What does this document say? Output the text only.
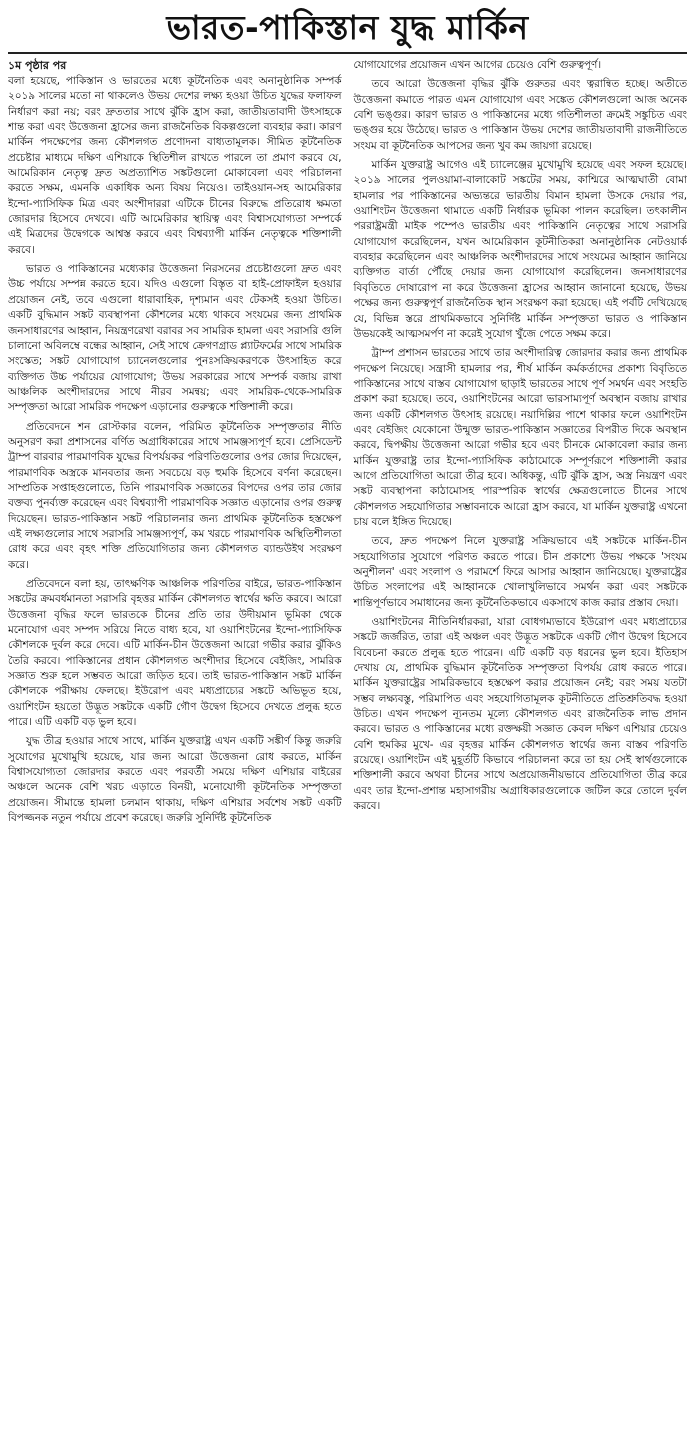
ভারত-পাকিস্তান যুদ্ধ মার্কিন
১ম পৃষ্ঠার পর

বলা হয়েছে, পাকিস্তান ও ভারতের মধ্যে কূটনৈতিক এবং অনানুষ্ঠানিক সম্পর্ক ২০১৯ সালের মতো না থাকলেও উভয় দেশের লক্ষ্য হওয়া উচিত যুদ্ধের ফলাফল নির্ধারণ করা নয়; বরং দ্রুততার সাথে ঝুঁকি হ্রাস করা, জাতীয়তাবাদী উৎসাহকে শান্ত করা এবং উত্তেজনা হ্রাসের জন্য রাজনৈতিক বিকল্পগুলো ব্যবহার করা। কারণ মার্কিন পদক্ষেপের জন্য কৌশলগত প্রণোদনা বাধ্যতামূলক। সীমিত কূটনৈতিক প্রচেষ্টার মাধ্যমে দক্ষিণ এশিয়াকে স্থিতিশীল রাখতে পারলে তা প্রমাণ করবে যে, আমেরিকান নেতৃত্ব দ্রুত অপ্রত্যাশিত সঙ্কটগুলো মোকাবেলা এবং পরিচালনা করতে সক্ষম, এমনকি একাধিক অন্য বিষয় নিয়েও। তাইওয়ান-সহ আমেরিকার ইন্দো-প্যাসিফিক মিত্র এবং অংশীদাররা এটিকে চীনের বিরুদ্ধে প্রতিরোধ ক্ষমতা জোরদার হিসেবে দেখবে। এটি আমেরিকার স্থায়িত্ব এবং বিশ্বাসযোগ্যতা সম্পর্কে এই মিত্রদের উদ্বেগকে আশ্বস্ত করবে এবং বিশ্বব্যাপী মার্কিন নেতৃত্বকে শক্তিশালী করবে।

ভারত ও পাকিস্তানের মধ্যেকার উত্তেজনা নিরসনের প্রচেষ্টাগুলো দ্রুত এবং উচ্চ পর্যায়ে সম্পন্ন করতে হবে। যদিও এগুলো বিস্তৃত বা হাই-প্রোফাইল হওয়ার প্রয়োজন নেই, তবে এগুলো ধারাবাহিক, দৃশ্যমান এবং টেকসই হওয়া উচিত। একটি বুদ্ধিমান সঙ্কট ব্যবস্থাপনা কৌশলের মধ্যে থাকবে সংযমের জন্য প্রাথমিক জনসাধারণের আহ্বান, নিয়ন্ত্রণরেখা বরাবর সব সামরিক হামলা এবং সরাসরি গুলি চালানো অবিলম্বে বন্ধের আহ্বান, সেই সাথে ক্রেগণগ্রাড প্ল্যাটফর্মের সাথে সামরিক সংস্কেত; সঙ্কট যোগাযোগ চ্যানেলগুলোর পুনঃসক্রিয়করণকে উৎসাহিত করে ব্যক্তিগত উচ্চ পর্যায়ের যোগাযোগ; উভয় সরকারের সাথে সম্পর্ক বজায় রাখা আঞ্চলিক অংশীদারদের সাথে নীরব সমন্বয়; এবং সামরিক-থেকে-সামরিক সম্পৃক্ততা আরো সামরিক পদক্ষেপ এড়ানোর গুরুত্বকে শক্তিশালী করে।

প্রতিবেদনে শন রোস্টকার বলেন, পরিমিত কূটনৈতিক সম্পৃক্ততার নীতি অনুসরণ করা প্রশাসনের বর্ণিত অগ্রাধিকারের সাথে সামঞ্জস্যপূর্ণ হবে। প্রেসিডেন্ট ট্রাম্প বারবার পারমাণবিক যুদ্ধের বিপর্যয়কর পরিণতিগুলোর ওপর জোর দিয়েছেন, পারমাণবিক অস্ত্রকে মানবতার জন্য সবচেয়ে বড় হুমকি হিসেবে বর্ণনা করেছেন। সাম্প্রতিক সপ্তাহগুলোতে, তিনি পারমাণবিক সজ্ঞাতের বিপদের ওপর তার জোর বক্তব্য পুনর্ব্যক্ত করেছেন এবং বিশ্বব্যাপী পারমাণবিক সজ্ঞাত এড়ানোর ওপর গুরুত্ব দিয়েছেন। ভারত-পাকিস্তান সঙ্কট পরিচালনার জন্য প্রাথমিক কূটনৈতিক হস্তক্ষেপ এই লক্ষ্যগুলোর সাথে সরাসরি সামঞ্জস্যপূর্ণ, কম খরচে পারমাণবিক অস্থিতিশীলতা রোধ করে এবং বৃহৎ শক্তি প্রতিযোগিতার জন্য কৌশলগত ব্যান্ডউইথ সংরক্ষণ করে।

প্রতিবেদনে বলা হয়, তাৎক্ষণিক আঞ্চলিক পরিণতির বাইরে, ভারত-পাকিস্তান সঙ্কটের ক্রমবর্ধমানতা সরাসরি বৃহত্তর মার্কিন কৌশলগত স্বার্থের ক্ষতি করবে। আরো উত্তেজনা বৃদ্ধির ফলে ভারতকে চীনের প্রতি তার উদীয়মান ভূমিকা থেকে মনোযোগ এবং সম্পদ সরিয়ে নিতে বাধ্য হবে, যা ওয়াশিংটনের ইন্দো-প্যাসিফিক কৌশলকে দুর্বল করে দেবে। এটি মার্কিন-চীন উত্তেজনা আরো গভীর করার ঝুঁকিও তৈরি করবে। পাকিস্তানের প্রধান কৌশলগত অংশীদার হিসেবে বেইজিং, সামরিক সজ্ঞাত শুরু হলে সম্ভবত আরো জড়িত হবে। তাই ভারত-পাকিস্তান সঙ্কট মার্কিন কৌশলকে পরীক্ষায় ফেলছে। ইউরোপ এবং মধ্যপ্রাচ্যের সঙ্কটে অভিভূত হয়ে, ওয়াশিংটন হয়তো উদ্ভূত সঙ্কটকে একটি গৌণ উদ্বেগ হিসেবে দেখতে প্রলুব্ধ হতে পারে। এটি একটি বড় ভুল হবে।

যুদ্ধ তীব্র হওয়ার সাথে সাথে, মার্কিন যুক্তরাষ্ট্র এখন একটি সঙ্কীর্ণ কিন্তু জরুরি সুযোগের মুখোমুখি হয়েছে, যার জন্য আরো উত্তেজনা রোধ করতে, মার্কিন বিশ্বাসযোগ্যতা জোরদার করতে এবং পরবর্তী সময়ে দক্ষিণ এশিয়ার বাইরের অঞ্চলে অনেক বেশি খরচ এড়াতে বিনয়ী, মনোযোগী কূটনৈতিক সম্পৃক্ততা প্রয়োজন। সীমান্তে হামলা চলমান থাকায়, দক্ষিণ এশিয়ার সর্বশেষ সঙ্কট একটি বিপজ্জনক নতুন পর্যায়ে প্রবেশ করেছে। জরুরি সুনির্দিষ্ট কূটনৈতিক

যোগাযোগের প্রয়োজন এখন আগের চেয়েও বেশি গুরুত্বপূর্ণ।

তবে আরো উত্তেজনা বৃদ্ধির ঝুঁকি গুরুতর এবং ত্বরান্বিত হচ্ছে। অতীতে উত্তেজনা কমাতে পারত এমন যোগাযোগ এবং সঙ্কেত কৌশলগুলো আজ অনেক বেশি ভঙ্গুর। কারণ ভারত ও পাকিস্তানের মধ্যে গতিশীলতা ক্রমেই সঙ্কুচিত এবং ভঙ্গুর হয়ে উঠেছে। ভারত ও পাকিস্তান উভয় দেশের জাতীয়তাবাদী রাজনীতিতে সংযম বা কূটনৈতিক আপসের জন্য খুব কম জায়গা রয়েছে।

মার্কিন যুক্তরাষ্ট্র আগেও এই চ্যালেঞ্জের মুখোমুখি হয়েছে এবং সফল হয়েছে। ২০১৯ সালের পুলওয়ামা-বালাকোট সঙ্কটের সময়, কাশ্মিরে আত্মঘাতী বোমা হামলার পর পাকিস্তানের অভ্যন্তরে ভারতীয় বিমান হামলা উসকে দেয়ার পর, ওয়াশিংটন উত্তেজনা থামাতে একটি নির্ধারক ভূমিকা পালন করেছিল। তৎকালীন পররাষ্ট্রমন্ত্রী মাইক পম্পেও ভারতীয় এবং পাকিস্তানি নেতৃত্বের সাথে সরাসরি যোগাযোগ করেছিলেন, যখন আমেরিকান কূটনীতিকরা অনানুষ্ঠানিক নেটওয়ার্ক ব্যবহার করেছিলেন এবং আঞ্চলিক অংশীদারদের সাথে সংযমের আহ্বান জানিয়ে ব্যক্তিগত বার্তা পৌঁছে দেয়ার জন্য যোগাযোগ করেছিলেন। জনসাধারণের বিবৃতিতে দোষারোপ না করে উত্তেজনা হ্রাসের আহ্বান জানানো হয়েছে, উভয় পক্ষের জন্য গুরুত্বপূর্ণ রাজনৈতিক স্থান সংরক্ষণ করা হয়েছে। এই পর্বটি দেখিয়েছে যে, বিভিন্ন স্তরে প্রাথমিকভাবে সুনির্দিষ্ট মার্কিন সম্পৃক্ততা ভারত ও পাকিস্তান উভয়কেই আত্মসমর্পণ না করেই সুযোগ খুঁজে পেতে সক্ষম করে।

ট্রাম্প প্রশাসন ভারতের সাথে তার অংশীদারিত্ব জোরদার করার জন্য প্রাথমিক পদক্ষেপ নিয়েছে। সন্ত্রাসী হামলার পর, শীর্ষ মার্কিন কর্মকর্তাদের প্রকাশ্য বিবৃতিতে পাকিস্তানের সাথে বাস্তব যোগাযোগ ছাড়াই ভারতের সাথে পূর্ণ সমর্থন এবং সংহতি প্রকাশ করা হয়েছে। তবে, ওয়াশিংটনের আরো ভারসাম্যপূর্ণ অবস্থান বজায় রাখার জন্য একটি কৌশলগত উৎসাহ রয়েছে। নয়াদিল্লির পাশে থাকার ফলে ওয়াশিংটন এবং বেইজিং যেকোনো উন্মুক্ত ভারত-পাকিস্তান সজ্ঞাতের বিপরীত দিকে অবস্থান করবে, দ্বিপক্ষীয় উত্তেজনা আরো গভীর হবে এবং চীনকে মোকাবেলা করার জন্য মার্কিন যুক্তরাষ্ট্র তার ইন্দো-প্যাসিফিক কাঠামোকে সম্পূর্ণরূপে শক্তিশালী করার আগে প্রতিযোগিতা আরো তীব্র হবে। অধিকন্তু, এটি ঝুঁকি হ্রাস, অস্ত্র নিয়ন্ত্রণ এবং সঙ্কট ব্যবস্থাপনা কাঠামোসহ পারস্পরিক স্বার্থের ক্ষেত্রগুলোতে চীনের সাথে কৌশলগত সহযোগিতার সম্ভাবনাকে আরো হ্রাস করবে, যা মার্কিন যুক্তরাষ্ট্র এখনো চায় বলে ইঙ্গিত দিয়েছে।

তবে, দ্রুত পদক্ষেপ নিলে যুক্তরাষ্ট্র সক্রিয়ভাবে এই সঙ্কটকে মার্কিন-চীন সহযোগিতার সুযোগে পরিণত করতে পারে। চীন প্রকাশ্যে উভয় পক্ষকে 'সংযম অনুশীলন' এবং সংলাপ ও পরামর্শে ফিরে আসার আহ্বান জানিয়েছে। যুক্তরাষ্ট্রের উচিত সংলাপের এই আহ্বানকে খোলাখুলিভাবে সমর্থন করা এবং সঙ্কটকে শান্তিপূর্ণভাবে সমাধানের জন্য কূটনৈতিকভাবে একসাথে কাজ করার প্রস্তাব দেয়া।

ওয়াশিংটনের নীতিনির্ধারকরা, যারা বোধগম্যভাবে ইউরোপ এবং মধ্যপ্রাচ্যের সঙ্কটে জর্জরিত, তারা এই অঞ্চল এবং উদ্ভূত সঙ্কটকে একটি গৌণ উদ্বেগ হিসেবে বিবেচনা করতে প্রলুব্ধ হতে পারেন। এটি একটি বড় ধরনের ভুল হবে। ইতিহাস দেখায় যে, প্রাথমিক বুদ্ধিমান কূটনৈতিক সম্পৃক্ততা বিপর্যয় রোধ করতে পারে। মার্কিন যুক্তরাষ্ট্রের সামরিকভাবে হস্তক্ষেপ করার প্রয়োজন নেই; বরং সময় যতটা সম্ভব লক্ষ্যবস্তু, পরিমাপিত এবং সহযোগিতামূলক কূটনীতিতে প্রতিশ্রুতিবদ্ধ হওয়া উচিত। এখন পদক্ষেপ ন্যূনতম মূল্যে কৌশলগত এবং রাজনৈতিক লাভ প্রদান করবে। ভারত ও পাকিস্তানের মধ্যে রক্তক্ষয়ী সজ্ঞাত কেবল দক্ষিণ এশিয়ার চেয়েও বেশি হুমকির মুখে- এর বৃহত্তর মার্কিন কৌশলগত স্বার্থের জন্য বাস্তব পরিণতি রয়েছে। ওয়াশিংটন এই মুহূর্তটি কিভাবে পরিচালনা করে তা হয় সেই স্বার্থগুলোকে শক্তিশালী করবে অথবা চীনের সাথে অপ্রয়োজনীয়ভাবে প্রতিযোগিতা তীব্র করে এবং তার ইন্দো-প্রশান্ত মহাসাগরীয় অগ্রাধিকারগুলোকে জটিল করে তোলে দুর্বল করবে।
